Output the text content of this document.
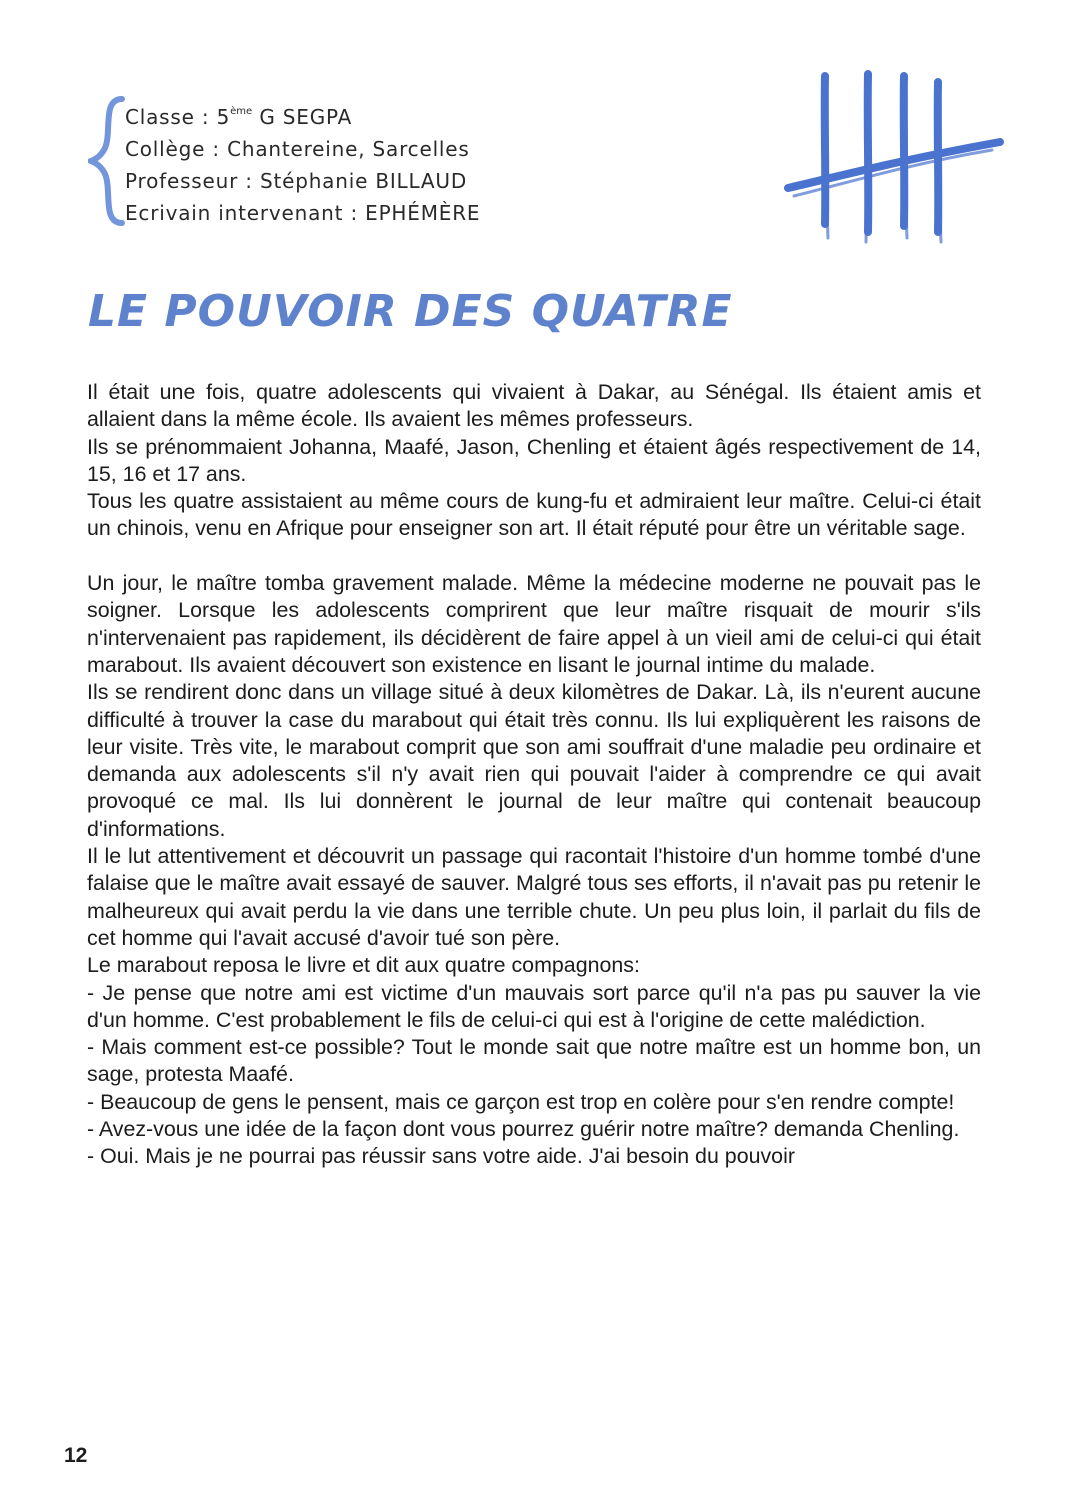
Classe : 5ème G SEGPA
Collège : Chantereine, Sarcelles
Professeur : Stéphanie BILLAUD
Ecrivain intervenant : EPHÉMÈRE
LE POUVOIR DES QUATRE

Il était une fois, quatre adolescents qui vivaient à Dakar, au Sénégal. Ils étaient amis et allaient dans la même école. Ils avaient les mêmes professeurs.

Ils se prénommaient Johanna, Maafé, Jason, Chenling et étaient âgés respectivement de 14, 15, 16 et 17 ans.

Tous les quatre assistaient au même cours de kung-fu et admiraient leur maître. Celui-ci était un chinois, venu en Afrique pour enseigner son art. Il était réputé pour être un véritable sage.

Un jour, le maître tomba gravement malade. Même la médecine moderne ne pouvait pas le soigner. Lorsque les adolescents comprirent que leur maître risquait de mourir s'ils n'intervenaient pas rapidement, ils décidèrent de faire appel à un vieil ami de celui-ci qui était marabout. Ils avaient découvert son existence en lisant le journal intime du malade.

Ils se rendirent donc dans un village situé à deux kilomètres de Dakar. Là, ils n'eurent aucune difficulté à trouver la case du marabout qui était très connu. Ils lui expliquèrent les raisons de leur visite. Très vite, le marabout comprit que son ami souffrait d'une maladie peu ordinaire et demanda aux adolescents s'il n'y avait rien qui pouvait l'aider à comprendre ce qui avait provoqué ce mal. Ils lui donnèrent le journal de leur maître qui contenait beaucoup d'informations.

Il le lut attentivement et découvrit un passage qui racontait l'histoire d'un homme tombé d'une falaise que le maître avait essayé de sauver. Malgré tous ses efforts, il n'avait pas pu retenir le malheureux qui avait perdu la vie dans une terrible chute. Un peu plus loin, il parlait du fils de cet homme qui l'avait accusé d'avoir tué son père.

Le marabout reposa le livre et dit aux quatre compagnons:

- Je pense que notre ami est victime d'un mauvais sort parce qu'il n'a pas pu sauver la vie d'un homme. C'est probablement le fils de celui-ci qui est à l'origine de cette malédiction.

- Mais comment est-ce possible? Tout le monde sait que notre maître est un homme bon, un sage, protesta Maafé.

- Beaucoup de gens le pensent, mais ce garçon est trop en colère pour s'en rendre compte!

- Avez-vous une idée de la façon dont vous pourrez guérir notre maître? demanda Chenling.

- Oui. Mais je ne pourrai pas réussir sans votre aide. J'ai besoin du pouvoir

12
